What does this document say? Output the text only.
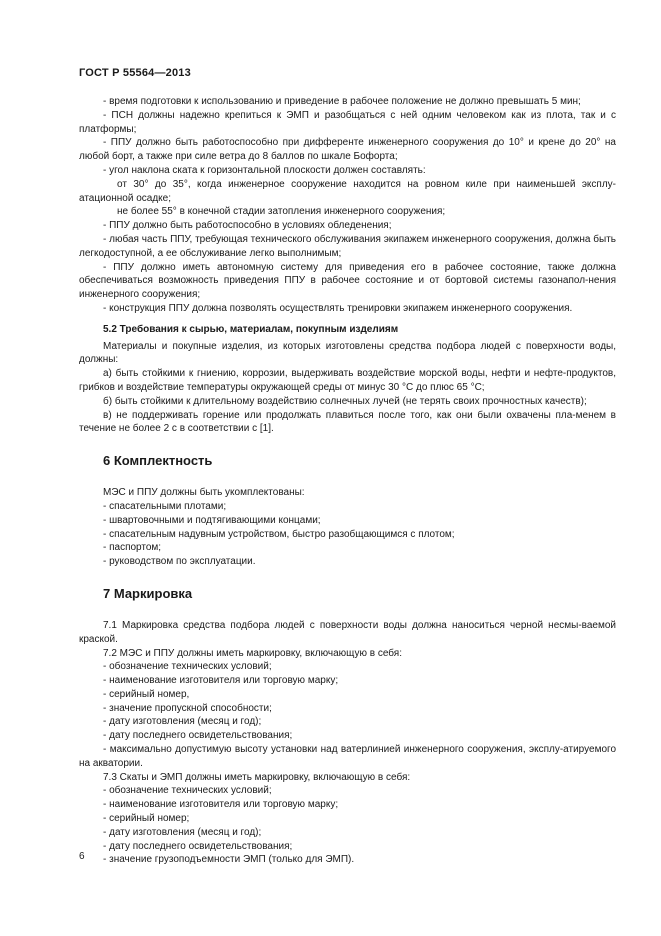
ГОСТ Р 55564—2013

- время подготовки к использованию и приведение в рабочее положение не должно превышать 5 мин;

- ПСН должны надежно крепиться к ЭМП и разобщаться с ней одним человеком как из плота, так и с платформы;

- ППУ должно быть работоспособно при дифференте инженерного сооружения до 10° и крене до 20° на любой борт, а также при силе ветра до 8 баллов по шкале Бофорта;

- угол наклона ската к горизонтальной плоскости должен составлять:

от 30° до 35°, когда инженерное сооружение находится на ровном киле при наименьшей эксплу-атационной осадке;

не более 55° в конечной стадии затопления инженерного сооружения;

- ППУ должно быть работоспособно в условиях обледенения;

- любая часть ППУ, требующая технического обслуживания экипажем инженерного сооружения, должна быть легкодоступной, а ее обслуживание легко выполнимым;

- ППУ должно иметь автономную систему для приведения его в рабочее состояние, также должна обеспечиваться возможность приведения ППУ в рабочее состояние и от бортовой системы газонапол-нения инженерного сооружения;

- конструкция ППУ должна позволять осуществлять тренировки экипажем инженерного сооружения.

5.2 Требования к сырью, материалам, покупным изделиям

Материалы и покупные изделия, из которых изготовлены средства подбора людей с поверхности воды, должны:

а) быть стойкими к гниению, коррозии, выдерживать воздействие морской воды, нефти и нефте-продуктов, грибков и воздействие температуры окружающей среды от минус 30 °С до плюс 65 °С;

б) быть стойкими к длительному воздействию солнечных лучей (не терять своих прочностных качеств);

в) не поддерживать горение или продолжать плавиться после того, как они были охвачены пла-менем в течение не более 2 с в соответствии с [1].

6 Комплектность

МЭС и ППУ должны быть укомплектованы:

- спасательными плотами;

- швартовочными и подтягивающими концами;

- спасательным надувным устройством, быстро разобщающимся с плотом;

- паспортом;

- руководством по эксплуатации.

7 Маркировка

7.1 Маркировка средства подбора людей с поверхности воды должна наноситься черной несмы-ваемой краской.

7.2 МЭС и ППУ должны иметь маркировку, включающую в себя:

- обозначение технических условий;

- наименование изготовителя или торговую марку;

- серийный номер,

- значение пропускной способности;

- дату изготовления (месяц и год);

- дату последнего освидетельствования;

- максимально допустимую высоту установки над ватерлинией инженерного сооружения, эксплу-атируемого на акватории.

7.3 Скаты и ЭМП должны иметь маркировку, включающую в себя:

- обозначение технических условий;

- наименование изготовителя или торговую марку;

- серийный номер;

- дату изготовления (месяц и год);

- дату последнего освидетельствования;

- значение грузоподъемности ЭМП (только для ЭМП).

6
